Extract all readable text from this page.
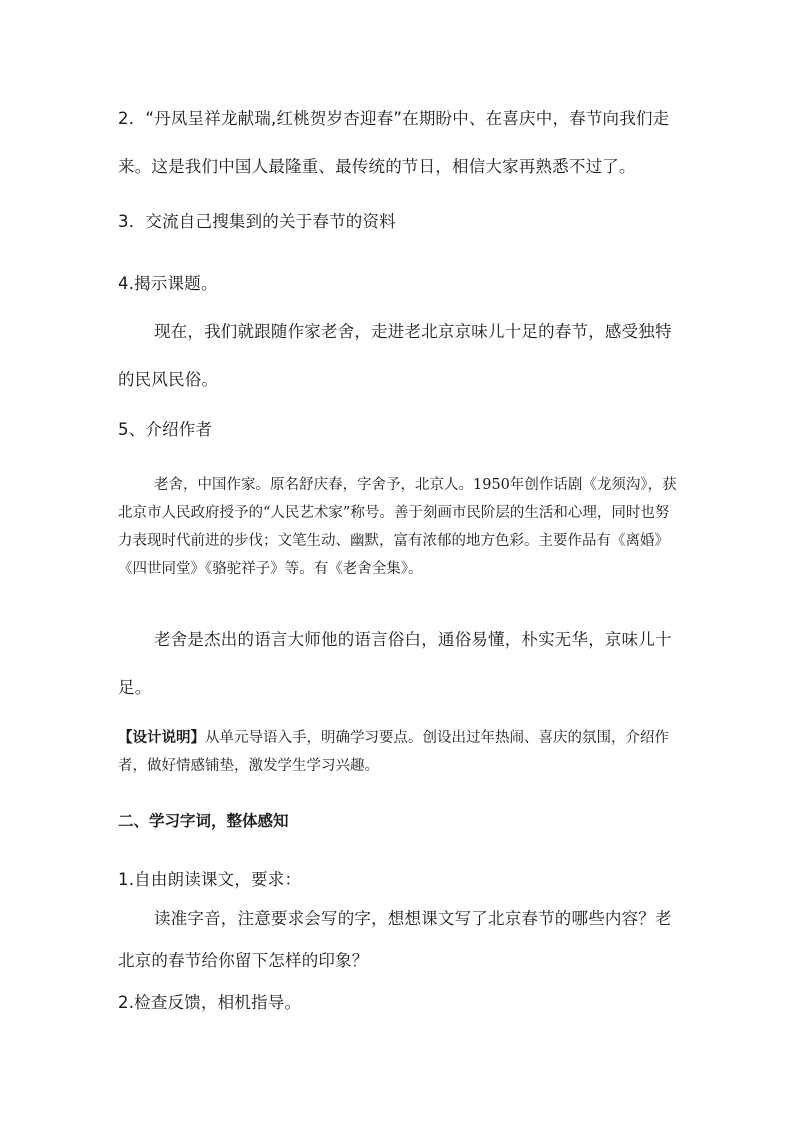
2．“丹凤呈祥龙献瑞,红桃贺岁杏迎春”在期盼中、在喜庆中，春节向我们走来。这是我们中国人最隆重、最传统的节日，相信大家再熟悉不过了。

3．交流自己搜集到的关于春节的资料

4.揭示课题。

现在，我们就跟随作家老舍，走进老北京京味儿十足的春节，感受独特的民风民俗。

5、介绍作者

老舍，中国作家。原名舒庆春，字舍予，北京人。1950年创作话剧《龙须沟》，获北京市人民政府授予的“人民艺术家”称号。善于刻画市民阶层的生活和心理，同时也努力表现时代前进的步伐；文笔生动、幽默，富有浓郁的地方色彩。主要作品有《离婚》《四世同堂》《骆驼祥子》等。有《老舍全集》。

老舍是杰出的语言大师他的语言俗白，通俗易懂，朴实无华，京味儿十足。

【设计说明】从单元导语入手，明确学习要点。创设出过年热闹、喜庆的氛围，介绍作者，做好情感铺垫，激发学生学习兴趣。

二、学习字词，整体感知

1.自由朗读课文，要求：

读准字音，注意要求会写的字，想想课文写了北京春节的哪些内容？老北京的春节给你留下怎样的印象？

2.检查反馈，相机指导。
